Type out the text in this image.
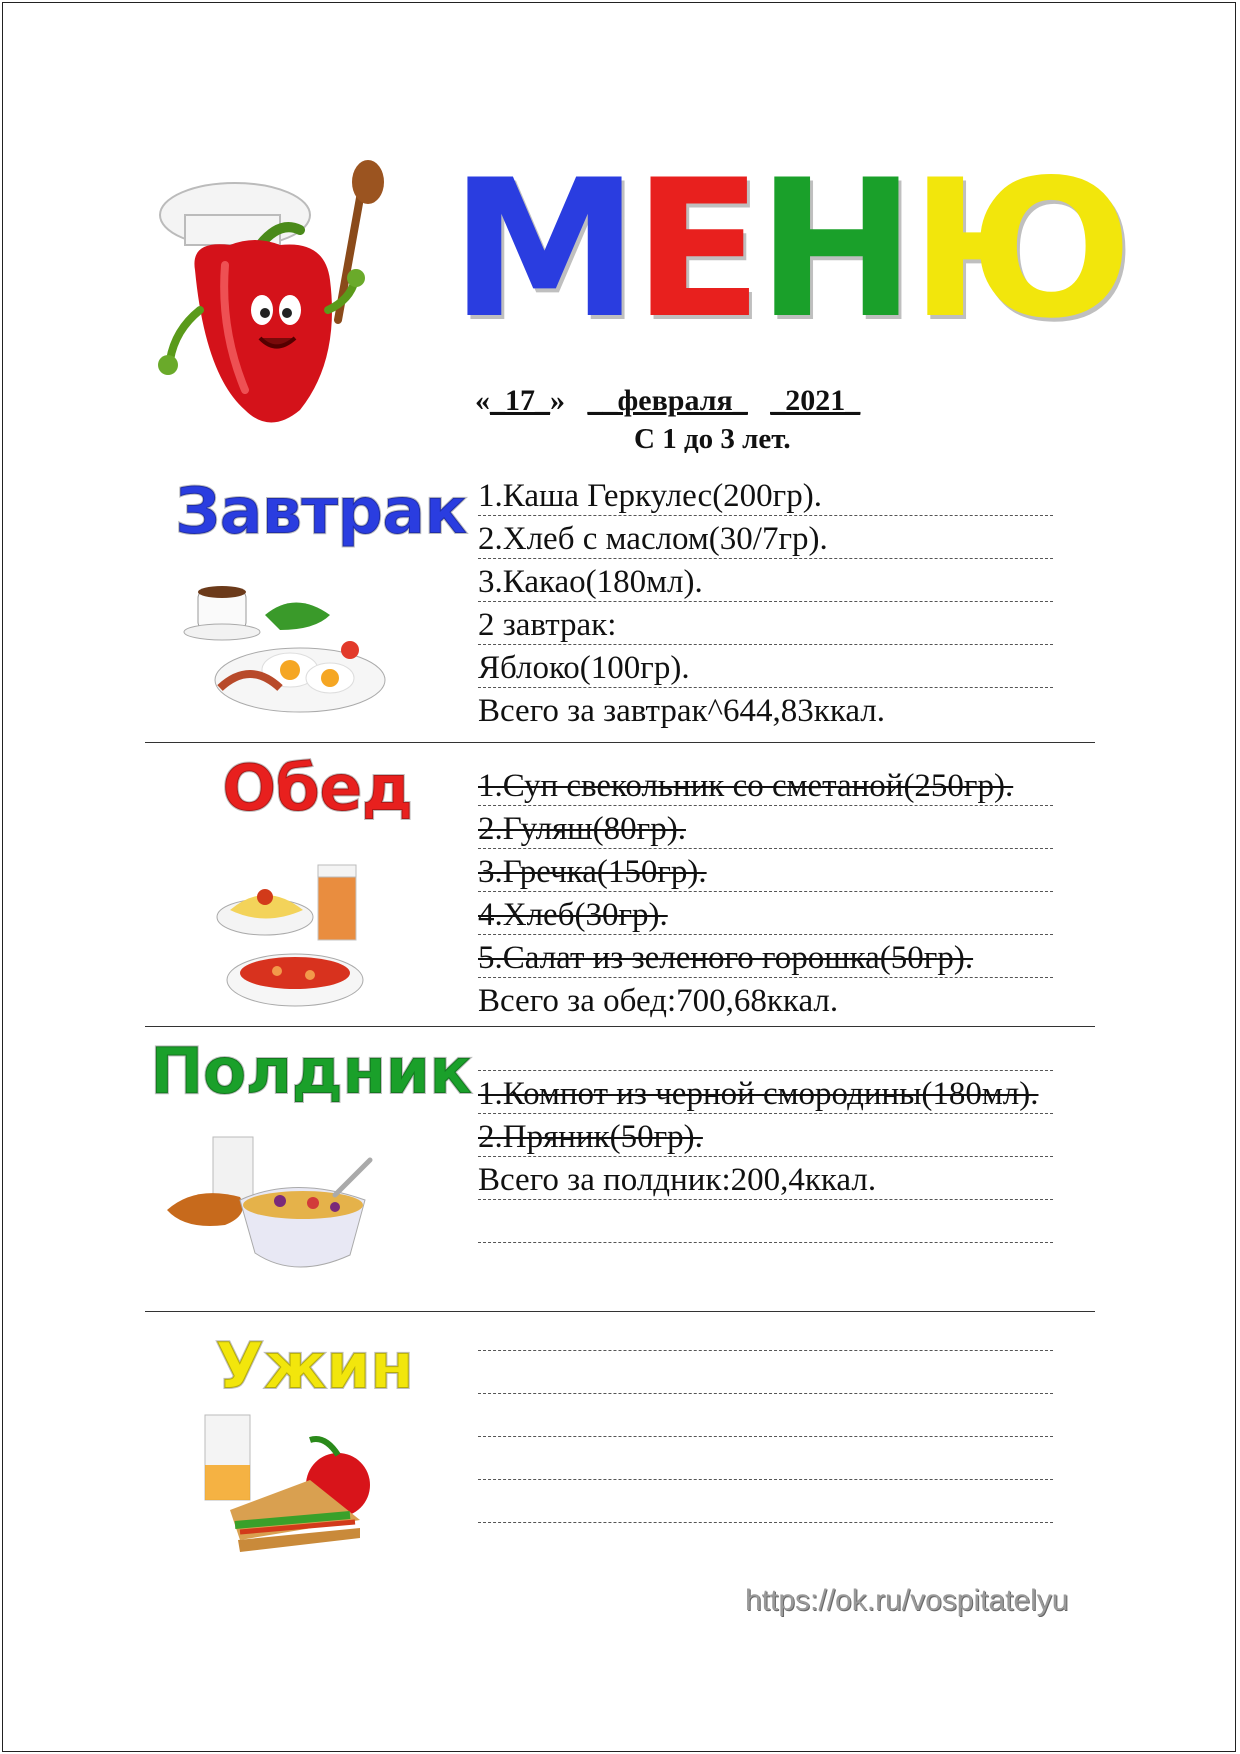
М Е Н Ю
«_17_» __февраля_ _2021_
С 1 до 3 лет.
Завтрак 1.Каша Геркулес(200гр).
2.Хлеб с маслом(30/7гр).
3.Какао(180мл).
2 завтрак:
Яблоко(100гр).
Всего за завтрак^644,83ккал.
Обед 1.Суп свекольник со сметаной(250гр).
2.Гуляш(80гр).
3.Гречка(150гр).
4.Хлеб(30гр).
5.Салат из зеленого горошка(50гр).
Всего за обед:700,68ккал.
Полдник 1.Компот из черной смородины(180мл).
2.Пряник(50гр).
Всего за полдник:200,4ккал.
Ужин
https://ok.ru/vospitatelyu
